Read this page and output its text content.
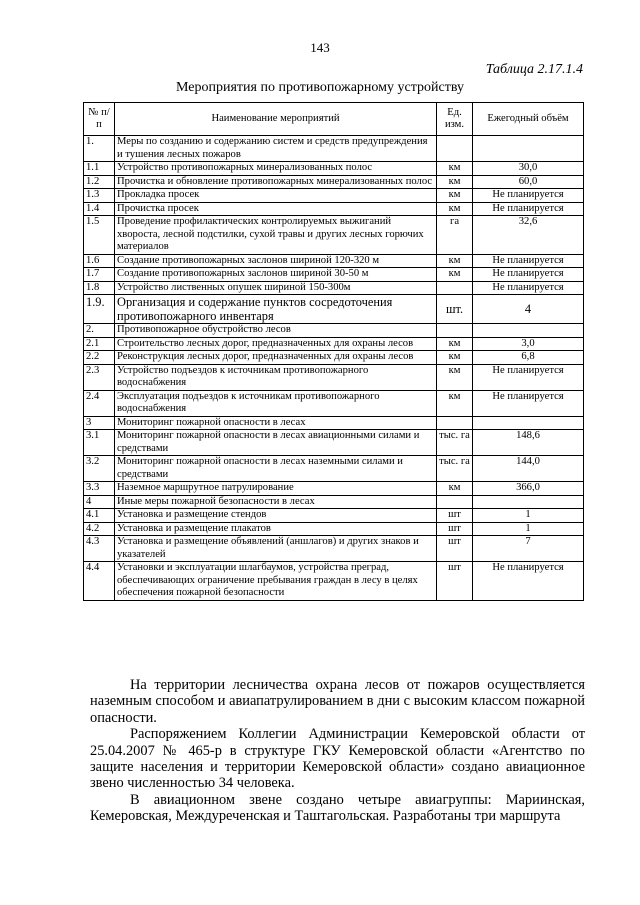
143
Таблица 2.17.1.4
Мероприятия по противопожарному устройству
№ п/п	Наименование мероприятий	Ед. изм.	Ежегодный объём
1.	Меры по созданию и содержанию систем и средств предупреждения и тушения лесных пожаров		
1.1	Устройство противопожарных минерализованных полос	км	30,0
1.2	Прочистка и обновление противопожарных минерализованных полос	км	60,0
1.3	Прокладка просек	км	Не планируется
1.4	Прочистка просек	км	Не планируется
1.5	Проведение профилактических контролируемых выжиганий хвороста, лесной подстилки, сухой травы и других лесных горючих материалов	га	32,6
1.6	Создание противопожарных заслонов шириной 120-320 м	км	Не планируется
1.7	Создание противопожарных заслонов шириной 30-50 м	км	Не планируется
1.8	Устройство лиственных опушек шириной 150-300м		Не планируется
1.9.	Организация и содержание пунктов сосредоточения противопожарного инвентаря	шт.	4
2.	Противопожарное обустройство лесов		
2.1	Строительство лесных дорог, предназначенных для охраны лесов	км	3,0
2.2	Реконструкция лесных дорог, предназначенных для охраны лесов	км	6,8
2.3	Устройство подъездов к источникам противопожарного водоснабжения	км	Не планируется
2.4	Эксплуатация подъездов к источникам противопожарного водоснабжения	км	Не планируется
3	Мониторинг пожарной опасности в лесах		
3.1	Мониторинг пожарной опасности в лесах авиационными силами и средствами	тыс. га	148,6
3.2	Мониторинг пожарной опасности в лесах наземными силами и средствами	тыс. га	144,0
3.3	Наземное маршрутное патрулирование	км	366,0
4	Иные меры пожарной безопасности в лесах		
4.1	Установка и размещение стендов	шт	1
4.2	Установка и размещение плакатов	шт	1
4.3	Установка и размещение объявлений (аншлагов) и других знаков и указателей	шт	7
4.4	Установки и эксплуатации шлагбаумов, устройства преград, обеспечивающих ограничение пребывания граждан в лесу в целях обеспечения пожарной безопасности	шт	Не планируется

На территории лесничества охрана лесов от пожаров осуществляется наземным способом и авиапатрулированием в дни с высоким классом пожарной опасности.

Распоряжением Коллегии Администрации Кемеровской области от 25.04.2007 № 465-р в структуре ГКУ Кемеровской области «Агентство по защите населения и территории Кемеровской области» создано авиационное звено численностью 34 человека.

В авиационном звене создано четыре авиагруппы: Мариинская, Кемеровская, Междуреченская и Таштагольская. Разработаны три маршрута
